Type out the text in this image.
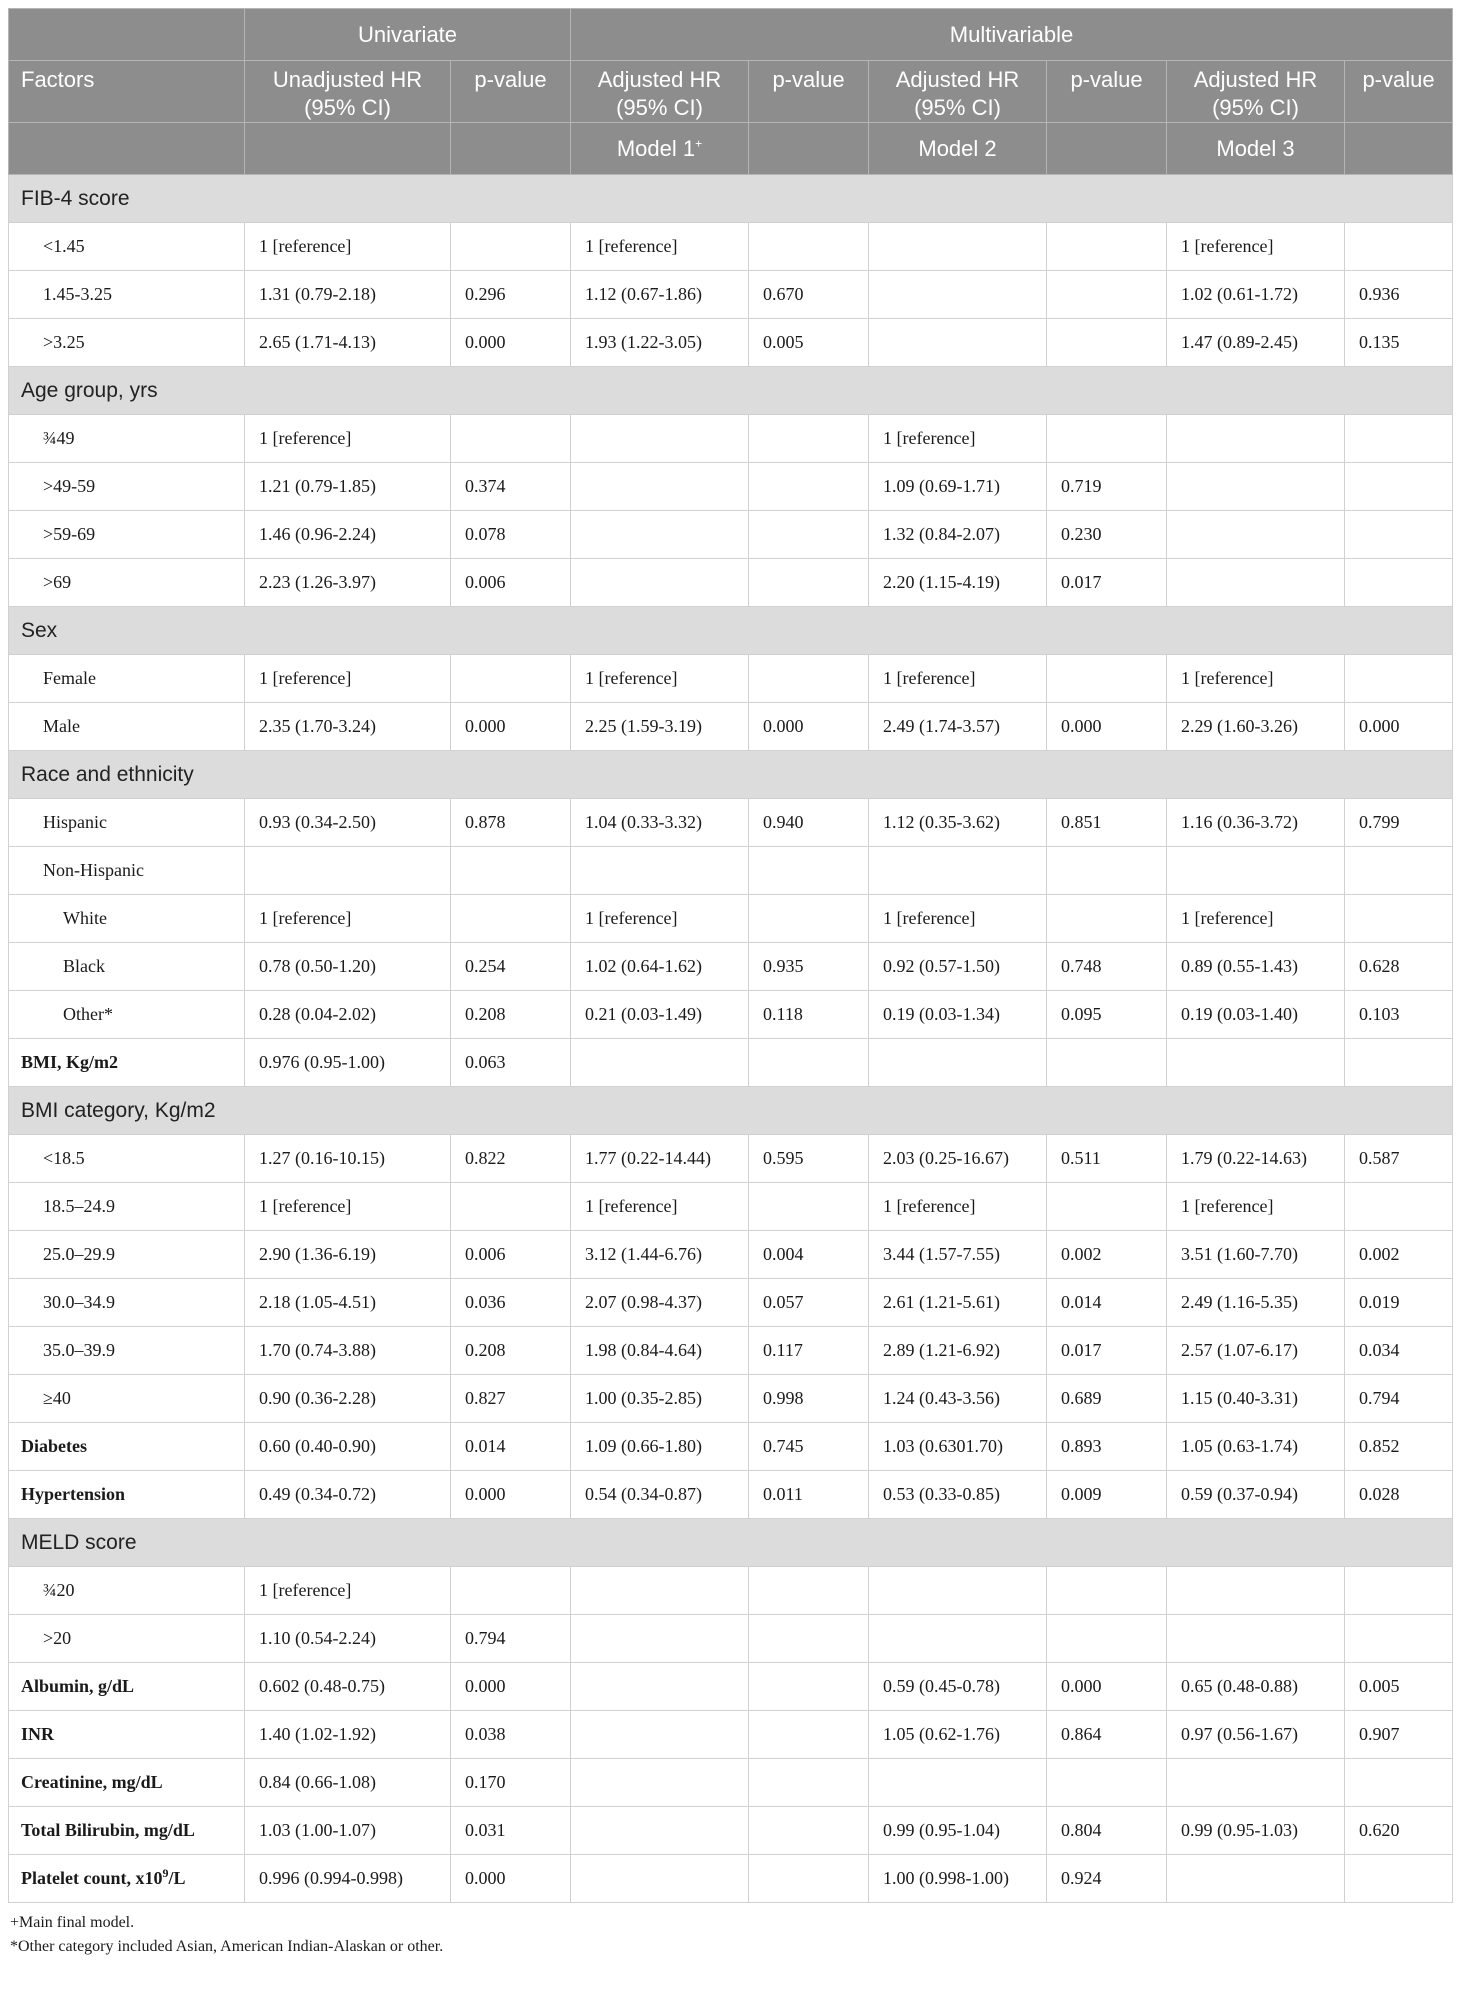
	Univariate		Multivariable					
Factors	Unadjusted HR (95% CI)	p-value	Adjusted HR (95% CI)	p-value	Adjusted HR (95% CI)	p-value	Adjusted HR (95% CI)	p-value
			Model 1+		Model 2		Model 3	
FIB-4 score								
<1.45	1 [reference]		1 [reference]				1 [reference]	
1.45-3.25	1.31 (0.79-2.18)	0.296	1.12 (0.67-1.86)	0.670			1.02 (0.61-1.72)	0.936
>3.25	2.65 (1.71-4.13)	0.000	1.93 (1.22-3.05)	0.005			1.47 (0.89-2.45)	0.135
Age group, yrs								
¾49	1 [reference]				1 [reference]			
>49-59	1.21 (0.79-1.85)	0.374			1.09 (0.69-1.71)	0.719		
>59-69	1.46 (0.96-2.24)	0.078			1.32 (0.84-2.07)	0.230		
>69	2.23 (1.26-3.97)	0.006			2.20 (1.15-4.19)	0.017		
Sex								
Female	1 [reference]		1 [reference]		1 [reference]		1 [reference]	
Male	2.35 (1.70-3.24)	0.000	2.25 (1.59-3.19)	0.000	2.49 (1.74-3.57)	0.000	2.29 (1.60-3.26)	0.000
Race and ethnicity								
Hispanic	0.93 (0.34-2.50)	0.878	1.04 (0.33-3.32)	0.940	1.12 (0.35-3.62)	0.851	1.16 (0.36-3.72)	0.799
Non-Hispanic								
White	1 [reference]		1 [reference]		1 [reference]		1 [reference]	
Black	0.78 (0.50-1.20)	0.254	1.02 (0.64-1.62)	0.935	0.92 (0.57-1.50)	0.748	0.89 (0.55-1.43)	0.628
Other*	0.28 (0.04-2.02)	0.208	0.21 (0.03-1.49)	0.118	0.19 (0.03-1.34)	0.095	0.19 (0.03-1.40)	0.103
BMI, Kg/m2	0.976 (0.95-1.00)	0.063						
BMI category, Kg/m2								
<18.5	1.27 (0.16-10.15)	0.822	1.77 (0.22-14.44)	0.595	2.03 (0.25-16.67)	0.511	1.79 (0.22-14.63)	0.587
18.5–24.9	1 [reference]		1 [reference]		1 [reference]		1 [reference]	
25.0–29.9	2.90 (1.36-6.19)	0.006	3.12 (1.44-6.76)	0.004	3.44 (1.57-7.55)	0.002	3.51 (1.60-7.70)	0.002
30.0–34.9	2.18 (1.05-4.51)	0.036	2.07 (0.98-4.37)	0.057	2.61 (1.21-5.61)	0.014	2.49 (1.16-5.35)	0.019
35.0–39.9	1.70 (0.74-3.88)	0.208	1.98 (0.84-4.64)	0.117	2.89 (1.21-6.92)	0.017	2.57 (1.07-6.17)	0.034
≥40	0.90 (0.36-2.28)	0.827	1.00 (0.35-2.85)	0.998	1.24 (0.43-3.56)	0.689	1.15 (0.40-3.31)	0.794
Diabetes	0.60 (0.40-0.90)	0.014	1.09 (0.66-1.80)	0.745	1.03 (0.6301.70)	0.893	1.05 (0.63-1.74)	0.852
Hypertension	0.49 (0.34-0.72)	0.000	0.54 (0.34-0.87)	0.011	0.53 (0.33-0.85)	0.009	0.59 (0.37-0.94)	0.028
MELD score								
¾20	1 [reference]							
>20	1.10 (0.54-2.24)	0.794						
Albumin, g/dL	0.602 (0.48-0.75)	0.000			0.59 (0.45-0.78)	0.000	0.65 (0.48-0.88)	0.005
INR	1.40 (1.02-1.92)	0.038			1.05 (0.62-1.76)	0.864	0.97 (0.56-1.67)	0.907
Creatinine, mg/dL	0.84 (0.66-1.08)	0.170						
Total Bilirubin, mg/dL	1.03 (1.00-1.07)	0.031			0.99 (0.95-1.04)	0.804	0.99 (0.95-1.03)	0.620
Platelet count, $x10^9/L$	0.996 (0.994-0.998)	0.000			1.00 (0.998-1.00)	0.924		
+Main final model.
*Other category included Asian, American Indian-Alaskan or other.
